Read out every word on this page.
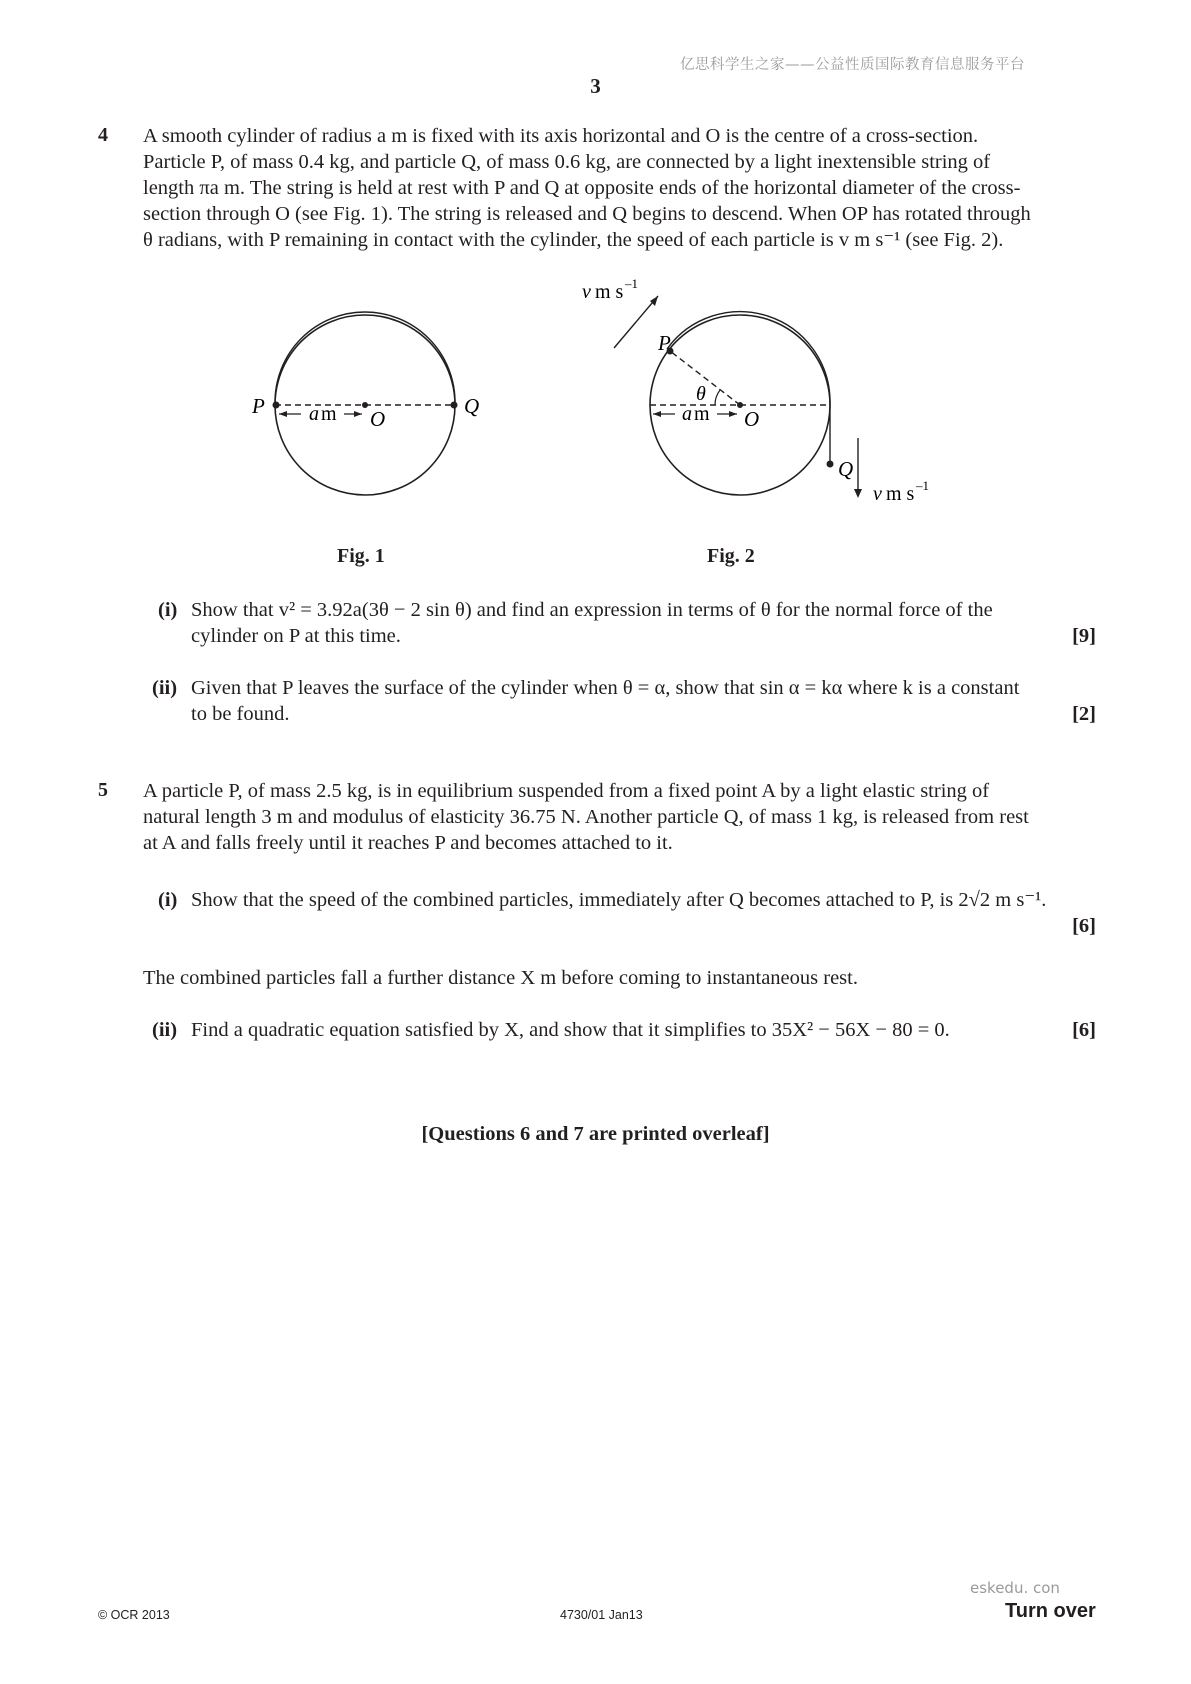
亿思科学生之家——公益性质国际教育信息服务平台
3
4 A smooth cylinder of radius a m is fixed with its axis horizontal and O is the centre of a cross-section.
Particle P, of mass 0.4 kg, and particle Q, of mass 0.6 kg, are connected by a light inextensible string of
length πa m. The string is held at rest with P and Q at opposite ends of the horizontal diameter of the cross-
section through O (see Fig. 1). The string is released and Q begins to descend. When OP has rotated through
θ radians, with P remaining in contact with the cylinder, the speed of each particle is v m s⁻¹ (see Fig. 2).
P	Q
O
a m
Fig. 1
P
Q
O
θ
a m
v m s –1
v m s –1
Fig. 2
(i) Show that v² = 3.92a(3θ − 2 sin θ) and find an expression in terms of θ for the normal force of the
cylinder on P at this time.	[9]
(ii) Given that P leaves the surface of the cylinder when θ = α, show that sin α = kα where k is a constant
to be found.	[2]
5 A particle P, of mass 2.5 kg, is in equilibrium suspended from a fixed point A by a light elastic string of
natural length 3 m and modulus of elasticity 36.75 N. Another particle Q, of mass 1 kg, is released from rest
at A and falls freely until it reaches P and becomes attached to it.
(i) Show that the speed of the combined particles, immediately after Q becomes attached to P, is 2√2 m s⁻¹.
[6]
The combined particles fall a further distance X m before coming to instantaneous rest.
(ii) Find a quadratic equation satisfied by X, and show that it simplifies to 35X² − 56X − 80 = 0.	[6]
[Questions 6 and 7 are printed overleaf]
eskedu. con
© OCR 2013	4730/01 Jan13	Turn over
